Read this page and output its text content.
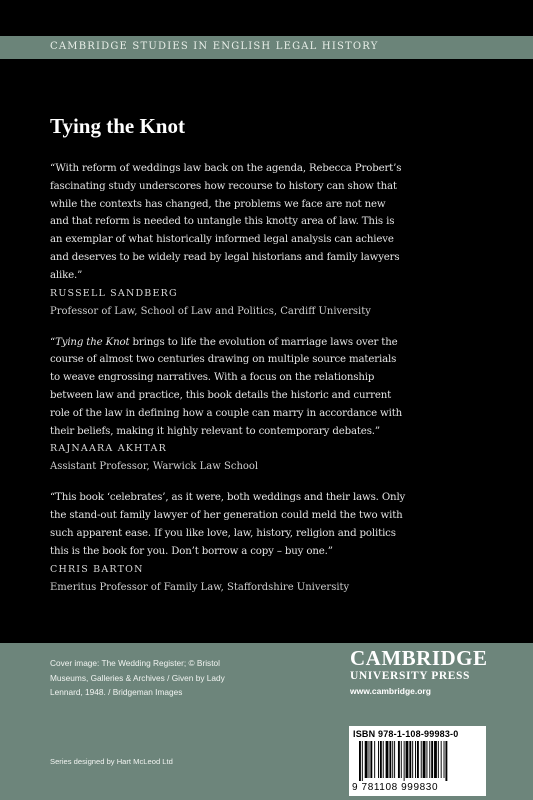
CAMBRIDGE STUDIES IN ENGLISH LEGAL HISTORY
Tying the Knot

“With reform of weddings law back on the agenda, Rebecca Probert’s
fascinating study underscores how recourse to history can show that
while the contexts has changed, the problems we face are not new
and that reform is needed to untangle this knotty area of law. This is
an exemplar of what historically informed legal analysis can achieve
and deserves to be widely read by legal historians and family lawyers
alike.”

RUSSELL SANDBERG

Professor of Law, School of Law and Politics, Cardiff University

“Tying the Knot brings to life the evolution of marriage laws over the
course of almost two centuries drawing on multiple source materials
to weave engrossing narratives. With a focus on the relationship
between law and practice, this book details the historic and current
role of the law in defining how a couple can marry in accordance with
their beliefs, making it highly relevant to contemporary debates.”

RAJNAARA AKHTAR

Assistant Professor, Warwick Law School

“This book ‘celebrates’, as it were, both weddings and their laws. Only
the stand-out family lawyer of her generation could meld the two with
such apparent ease. If you like love, law, history, religion and politics
this is the book for you. Don’t borrow a copy – buy one.”

CHRIS BARTON

Emeritus Professor of Family Law, Staffordshire University

Cover image: The Wedding Register; © Bristol
Museums, Galleries & Archives / Given by Lady
Lennard, 1948. / Bridgeman Images

Series designed by Hart McLeod Ltd

CAMBRIDGE

UNIVERSITY PRESS

www.cambridge.org

ISBN 978-1-108-99983-0

9 781108 999830
